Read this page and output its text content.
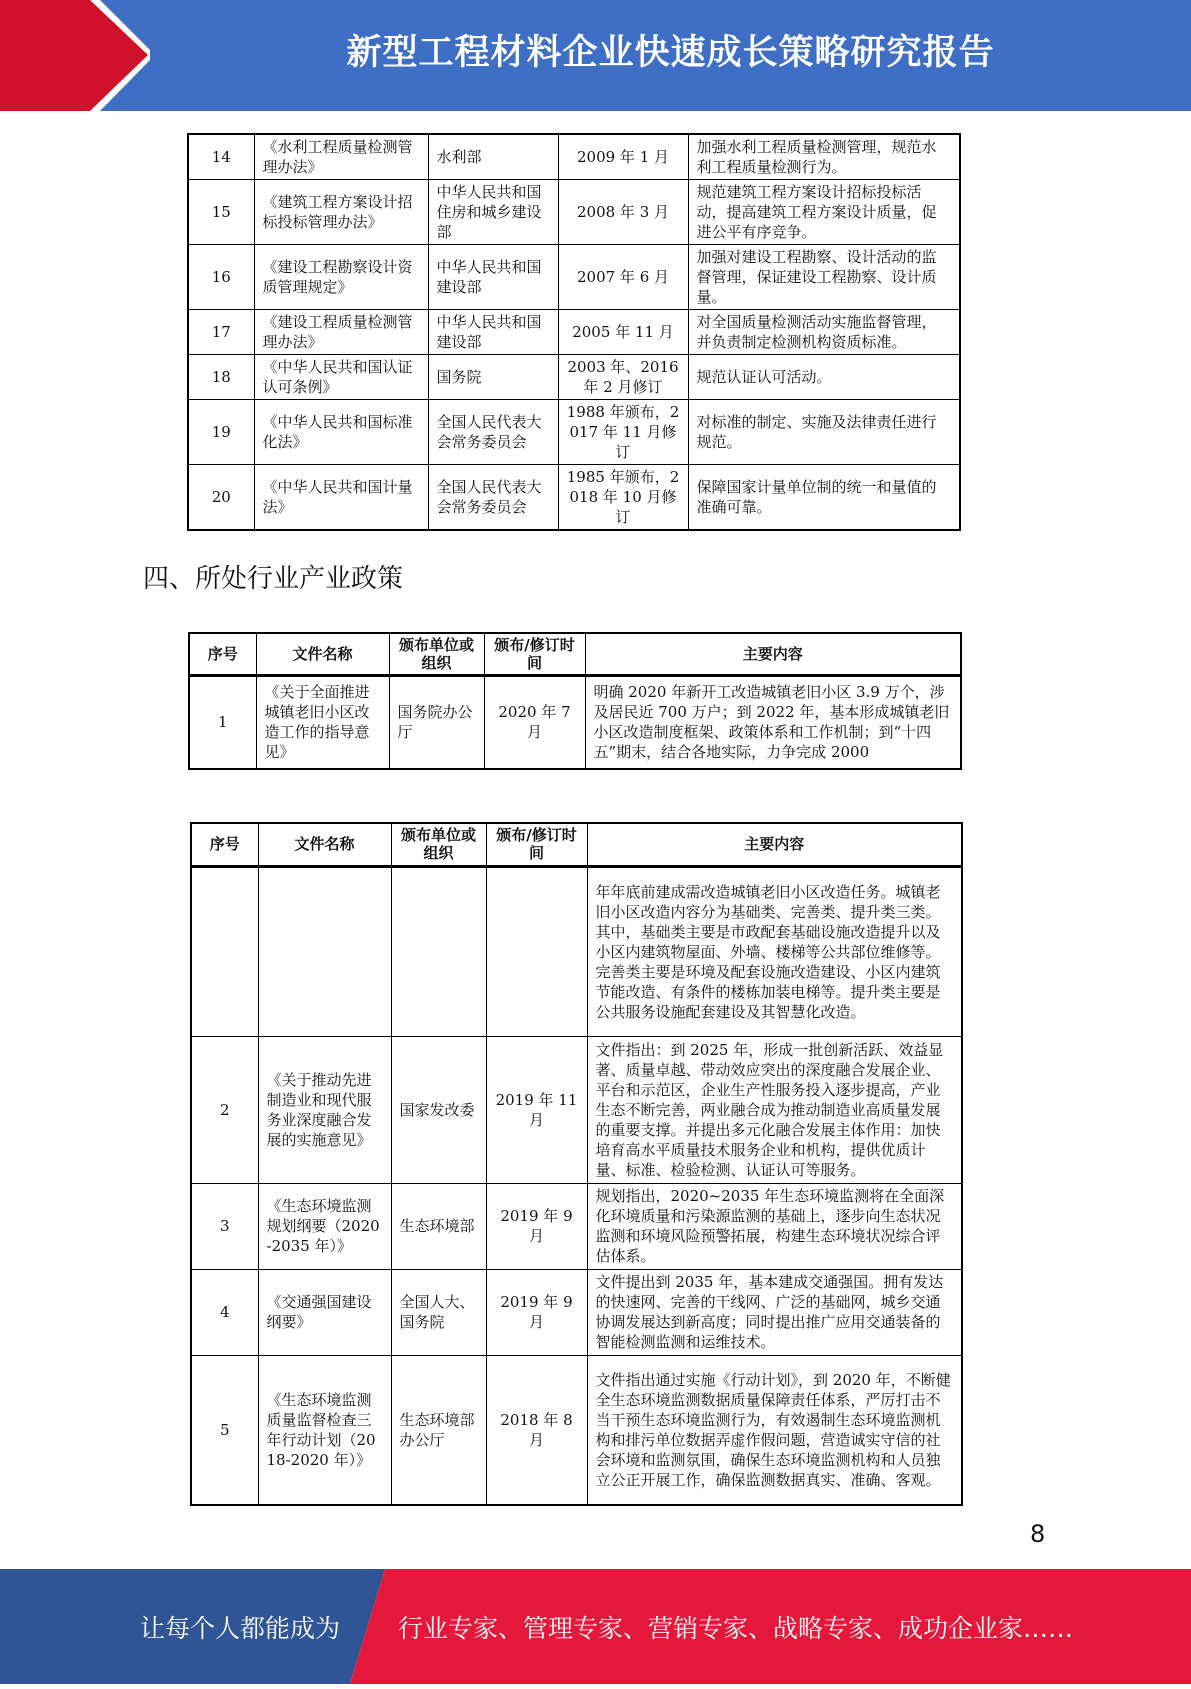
新型工程材料企业快速成长策略研究报告
14	《水利工程质量检测管理办法》	水利部	2009 年 1 月	加强水利工程质量检测管理，规范水利工程质量检测行为。
15	《建筑工程方案设计招标投标管理办法》	中华人民共和国住房和城乡建设部	2008 年 3 月	规范建筑工程方案设计招标投标活动，提高建筑工程方案设计质量，促进公平有序竞争。
16	《建设工程勘察设计资质管理规定》	中华人民共和国建设部	2007 年 6 月	加强对建设工程勘察、设计活动的监督管理，保证建设工程勘察、设计质量。
17	《建设工程质量检测管理办法》	中华人民共和国建设部	2005 年 11 月	对全国质量检测活动实施监督管理，并负责制定检测机构资质标准。
18	《中华人民共和国认证认可条例》	国务院	2003 年、2016 年 2 月修订	规范认证认可活动。
19	《中华人民共和国标准化法》	全国人民代表大会常务委员会	1988 年颁布，2017 年 11 月修订	对标准的制定、实施及法律责任进行规范。
20	《中华人民共和国计量法》	全国人民代表大会常务委员会	1985 年颁布，2018 年 10 月修订	保障国家计量单位制的统一和量值的准确可靠。
四、所处行业产业政策
序号	文件名称	颁布单位或组织	颁布/修订时间	主要内容
1	《关于全面推进城镇老旧小区改造工作的指导意见》	国务院办公厅	2020 年 7 月	明确 2020 年新开工改造城镇老旧小区 3.9 万个，涉及居民近 700 万户；到 2022 年，基本形成城镇老旧小区改造制度框架、政策体系和工作机制；到“十四五”期末，结合各地实际，力争完成 2000
序号	文件名称	颁布单位或组织	颁布/修订时间	主要内容
				年年底前建成需改造城镇老旧小区改造任务。城镇老旧小区改造内容分为基础类、完善类、提升类三类。其中，基础类主要是市政配套基础设施改造提升以及小区内建筑物屋面、外墙、楼梯等公共部位维修等。完善类主要是环境及配套设施改造建设、小区内建筑节能改造、有条件的楼栋加装电梯等。提升类主要是公共服务设施配套建设及其智慧化改造。
2	《关于推动先进制造业和现代服务业深度融合发展的实施意见》	国家发改委	2019 年 11 月	文件指出：到 2025 年，形成一批创新活跃、效益显著、质量卓越、带动效应突出的深度融合发展企业、平台和示范区，企业生产性服务投入逐步提高，产业生态不断完善，两业融合成为推动制造业高质量发展的重要支撑。并提出多元化融合发展主体作用：加快培育高水平质量技术服务企业和机构，提供优质计量、标准、检验检测、认证认可等服务。
3	《生态环境监测规划纲要（2020-2035 年）》	生态环境部	2019 年 9 月	规划指出，2020~2035 年生态环境监测将在全面深化环境质量和污染源监测的基础上，逐步向生态状况监测和环境风险预警拓展，构建生态环境状况综合评估体系。
4	《交通强国建设纲要》	全国人大、国务院	2019 年 9 月	文件提出到 2035 年，基本建成交通强国。拥有发达的快速网、完善的干线网、广泛的基础网，城乡交通协调发展达到新高度；同时提出推广应用交通装备的智能检测监测和运维技术。
5	《生态环境监测质量监督检查三年行动计划（2018-2020 年）》	生态环境部办公厅	2018 年 8 月	文件指出通过实施《行动计划》，到 2020 年，不断健全生态环境监测数据质量保障责任体系，严厉打击不当干预生态环境监测行为，有效遏制生态环境监测机构和排污单位数据弄虚作假问题，营造诚实守信的社会环境和监测氛围，确保生态环境监测机构和人员独立公正开展工作，确保监测数据真实、准确、客观。
8
让每个人都能成为 行业专家、管理专家、营销专家、战略专家、成功企业家……
